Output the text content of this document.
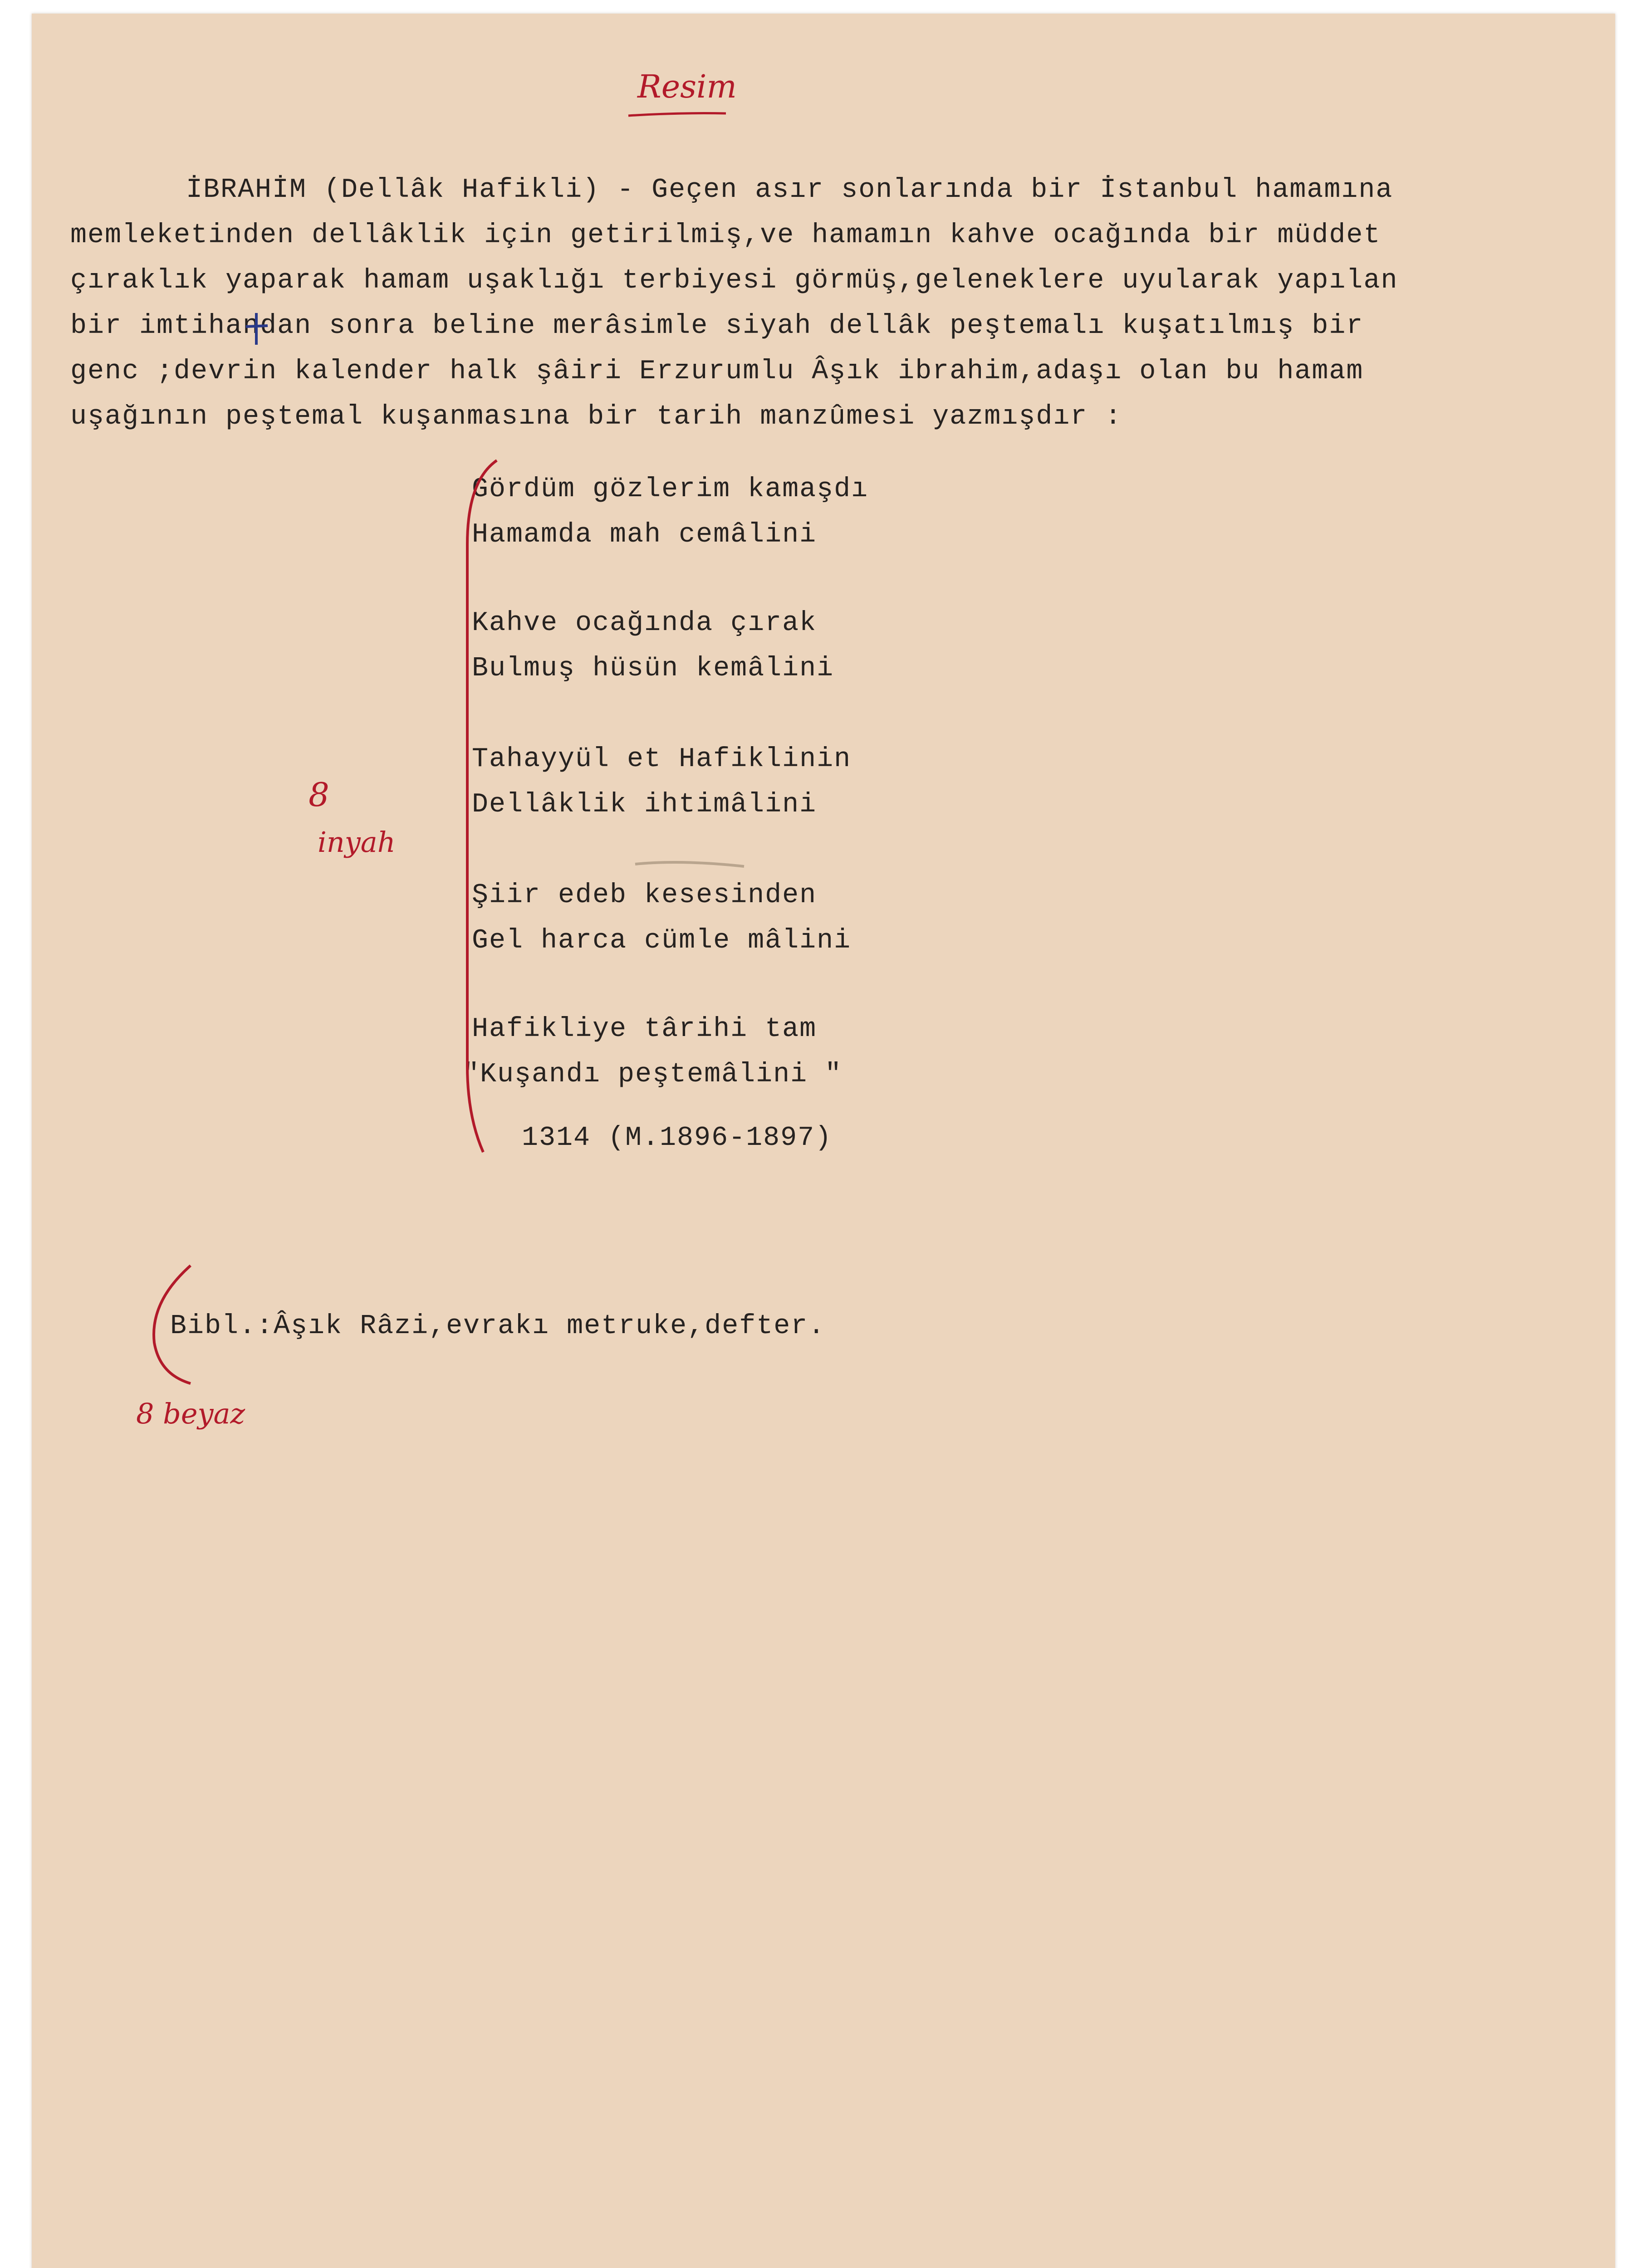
Resim
İBRAHİM (Dellâk Hafikli) - Geçen asır sonlarında bir İstanbul hamamına
memleketinden dellâklik için getirilmiş,ve hamamın kahve ocağında bir müddet
çıraklık yaparak hamam uşaklığı terbiyesi görmüş,geleneklere uyularak yapılan
bir imtihandan sonra beline merâsimle siyah dellâk peştemalı kuşatılmış bir
genc ;devrin kalender halk şâiri Erzurumlu Âşık ibrahim,adaşı olan bu hamam
uşağının peştemal kuşanmasına bir tarih manzûmesi yazmışdır :
Gördüm gözlerim kamaşdı
Hamamda mah cemâlini
Kahve ocağında çırak
Bulmuş hüsün kemâlini
Tahayyül et Hafiklinin
Dellâklik ihtimâlini
Şiir edeb kesesinden
Gel harca cümle mâlini
Hafikliye târihi tam
"Kuşandı peştemâlini "
1314 (M.1896-1897)
Bibl.:Âşık Râzi,evrakı metruke,defter.
8
inyah
8 beyaz
